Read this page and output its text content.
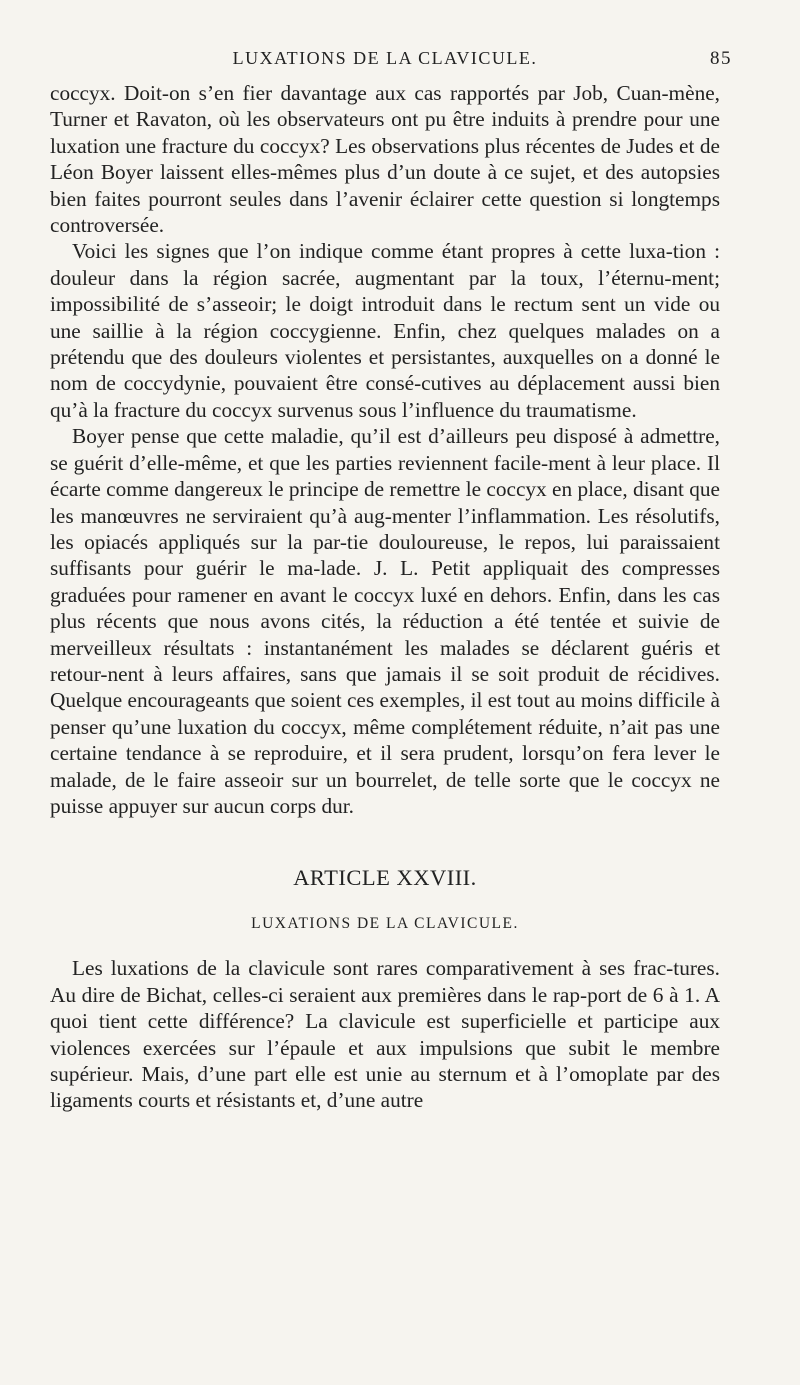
LUXATIONS DE LA CLAVICULE.	85

coccyx. Doit-on s’en fier davantage aux cas rapportés par Job, Cuan-mène, Turner et Ravaton, où les observateurs ont pu être induits à prendre pour une luxation une fracture du coccyx? Les observations plus récentes de Judes et de Léon Boyer laissent elles-mêmes plus d’un doute à ce sujet, et des autopsies bien faites pourront seules dans l’avenir éclairer cette question si longtemps controversée.

Voici les signes que l’on indique comme étant propres à cette luxa-tion : douleur dans la région sacrée, augmentant par la toux, l’éternu-ment; impossibilité de s’asseoir; le doigt introduit dans le rectum sent un vide ou une saillie à la région coccygienne. Enfin, chez quelques malades on a prétendu que des douleurs violentes et persistantes, auxquelles on a donné le nom de coccydynie, pouvaient être consé-cutives au déplacement aussi bien qu’à la fracture du coccyx survenus sous l’influence du traumatisme.

Boyer pense que cette maladie, qu’il est d’ailleurs peu disposé à admettre, se guérit d’elle-même, et que les parties reviennent facile-ment à leur place. Il écarte comme dangereux le principe de remettre le coccyx en place, disant que les manœuvres ne serviraient qu’à aug-menter l’inflammation. Les résolutifs, les opiacés appliqués sur la par-tie douloureuse, le repos, lui paraissaient suffisants pour guérir le ma-lade. J. L. Petit appliquait des compresses graduées pour ramener en avant le coccyx luxé en dehors. Enfin, dans les cas plus récents que nous avons cités, la réduction a été tentée et suivie de merveilleux résultats : instantanément les malades se déclarent guéris et retour-nent à leurs affaires, sans que jamais il se soit produit de récidives. Quelque encourageants que soient ces exemples, il est tout au moins difficile à penser qu’une luxation du coccyx, même complétement réduite, n’ait pas une certaine tendance à se reproduire, et il sera prudent, lorsqu’on fera lever le malade, de le faire asseoir sur un bourrelet, de telle sorte que le coccyx ne puisse appuyer sur aucun corps dur.

ARTICLE XXVIII.
LUXATIONS DE LA CLAVICULE.

Les luxations de la clavicule sont rares comparativement à ses frac-tures. Au dire de Bichat, celles-ci seraient aux premières dans le rap-port de 6 à 1. A quoi tient cette différence? La clavicule est superficielle et participe aux violences exercées sur l’épaule et aux impulsions que subit le membre supérieur. Mais, d’une part elle est unie au sternum et à l’omoplate par des ligaments courts et résistants et, d’une autre
